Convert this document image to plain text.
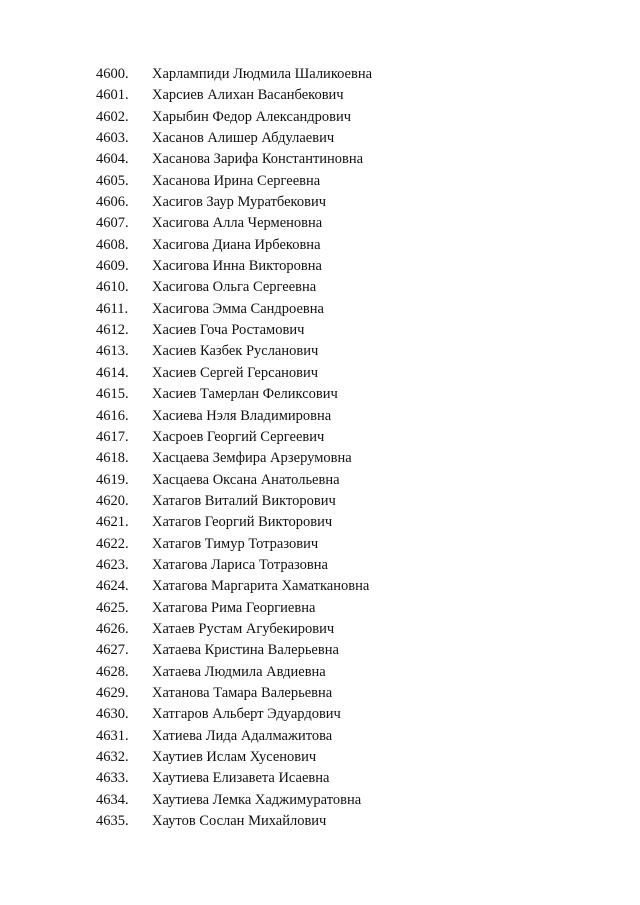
4600.	Харлампиди Людмила Шаликоевна
4601.	Харсиев Алихан Васанбекович
4602.	Харыбин Федор Александрович
4603.	Хасанов Алишер Абдулаевич
4604.	Хасанова Зарифа Константиновна
4605.	Хасанова Ирина Сергеевна
4606.	Хасигов Заур Муратбекович
4607.	Хасигова Алла Черменовна
4608.	Хасигова Диана Ирбековна
4609.	Хасигова Инна Викторовна
4610.	Хасигова Ольга Сергеевна
4611.	Хасигова Эмма Сандроевна
4612.	Хасиев Гоча Ростамович
4613.	Хасиев Казбек Русланович
4614.	Хасиев Сергей Герсанович
4615.	Хасиев Тамерлан Феликсович
4616.	Хасиева Нэля Владимировна
4617.	Хасроев Георгий Сергеевич
4618.	Хасцаева Земфира Арзерумовна
4619.	Хасцаева Оксана Анатольевна
4620.	Хатагов Виталий Викторович
4621.	Хатагов Георгий Викторович
4622.	Хатагов Тимур Тотразович
4623.	Хатагова Лариса Тотразовна
4624.	Хатагова Маргарита Хаматкановна
4625.	Хатагова Рима Георгиевна
4626.	Хатаев Рустам Агубекирович
4627.	Хатаева Кристина Валерьевна
4628.	Хатаева Людмила Авдиевна
4629.	Хатанова Тамара Валерьевна
4630.	Хатгаров Альберт Эдуардович
4631.	Хатиева Лида Адалмажитова
4632.	Хаутиев Ислам Хусенович
4633.	Хаутиева Елизавета Исаевна
4634.	Хаутиева Лемка Хаджимуратовна
4635.	Хаутов Сослан Михайлович
